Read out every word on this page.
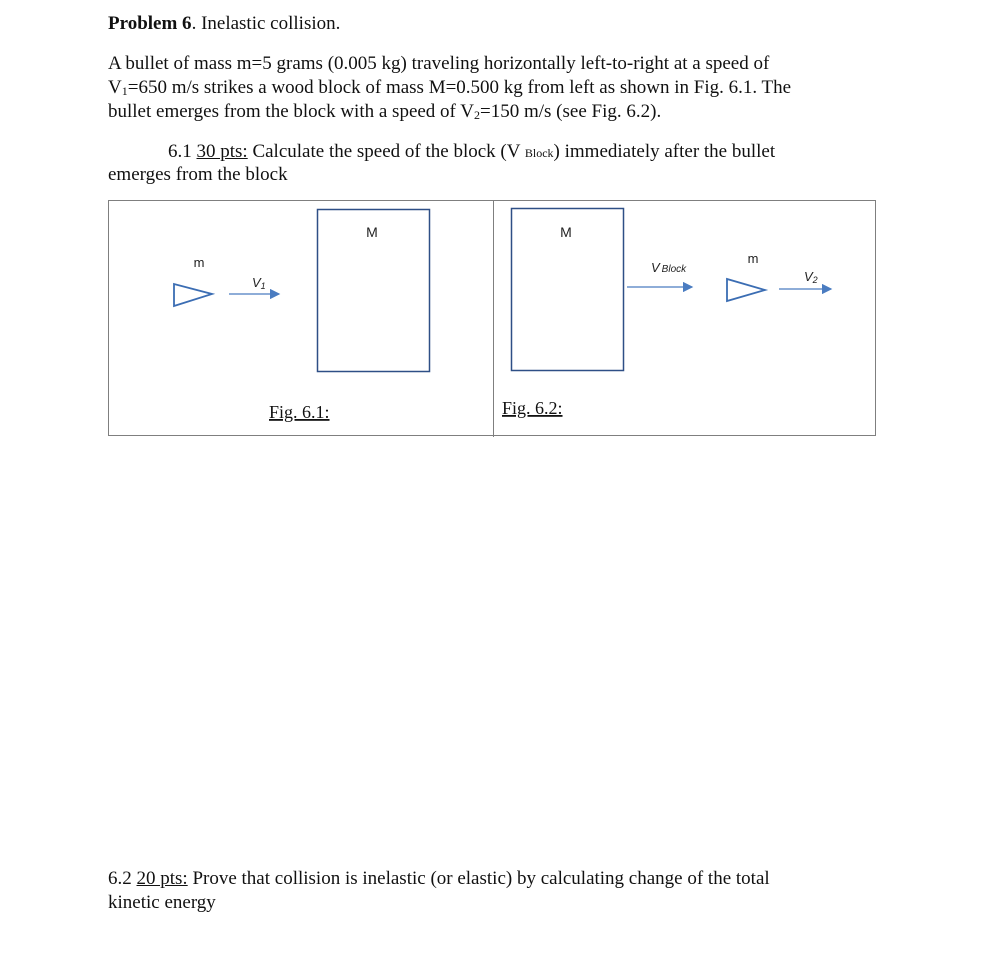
Problem 6. Inelastic collision.

A bullet of mass m=5 grams (0.005 kg) traveling horizontally left-to-right at a speed of

V1=650 m/s strikes a wood block of mass M=0.500 kg from left as shown in Fig. 6.1. The

bullet emerges from the block with a speed of V2=150 m/s (see Fig. 6.2).

6.1 30 pts: Calculate the speed of the block (V Block) immediately after the bullet

emerges from the block

m
V1
M
Fig. 6.1:
M
V Block
m
V2
Fig. 6.2:

6.2 20 pts: Prove that collision is inelastic (or elastic) by calculating change of the total

kinetic energy
